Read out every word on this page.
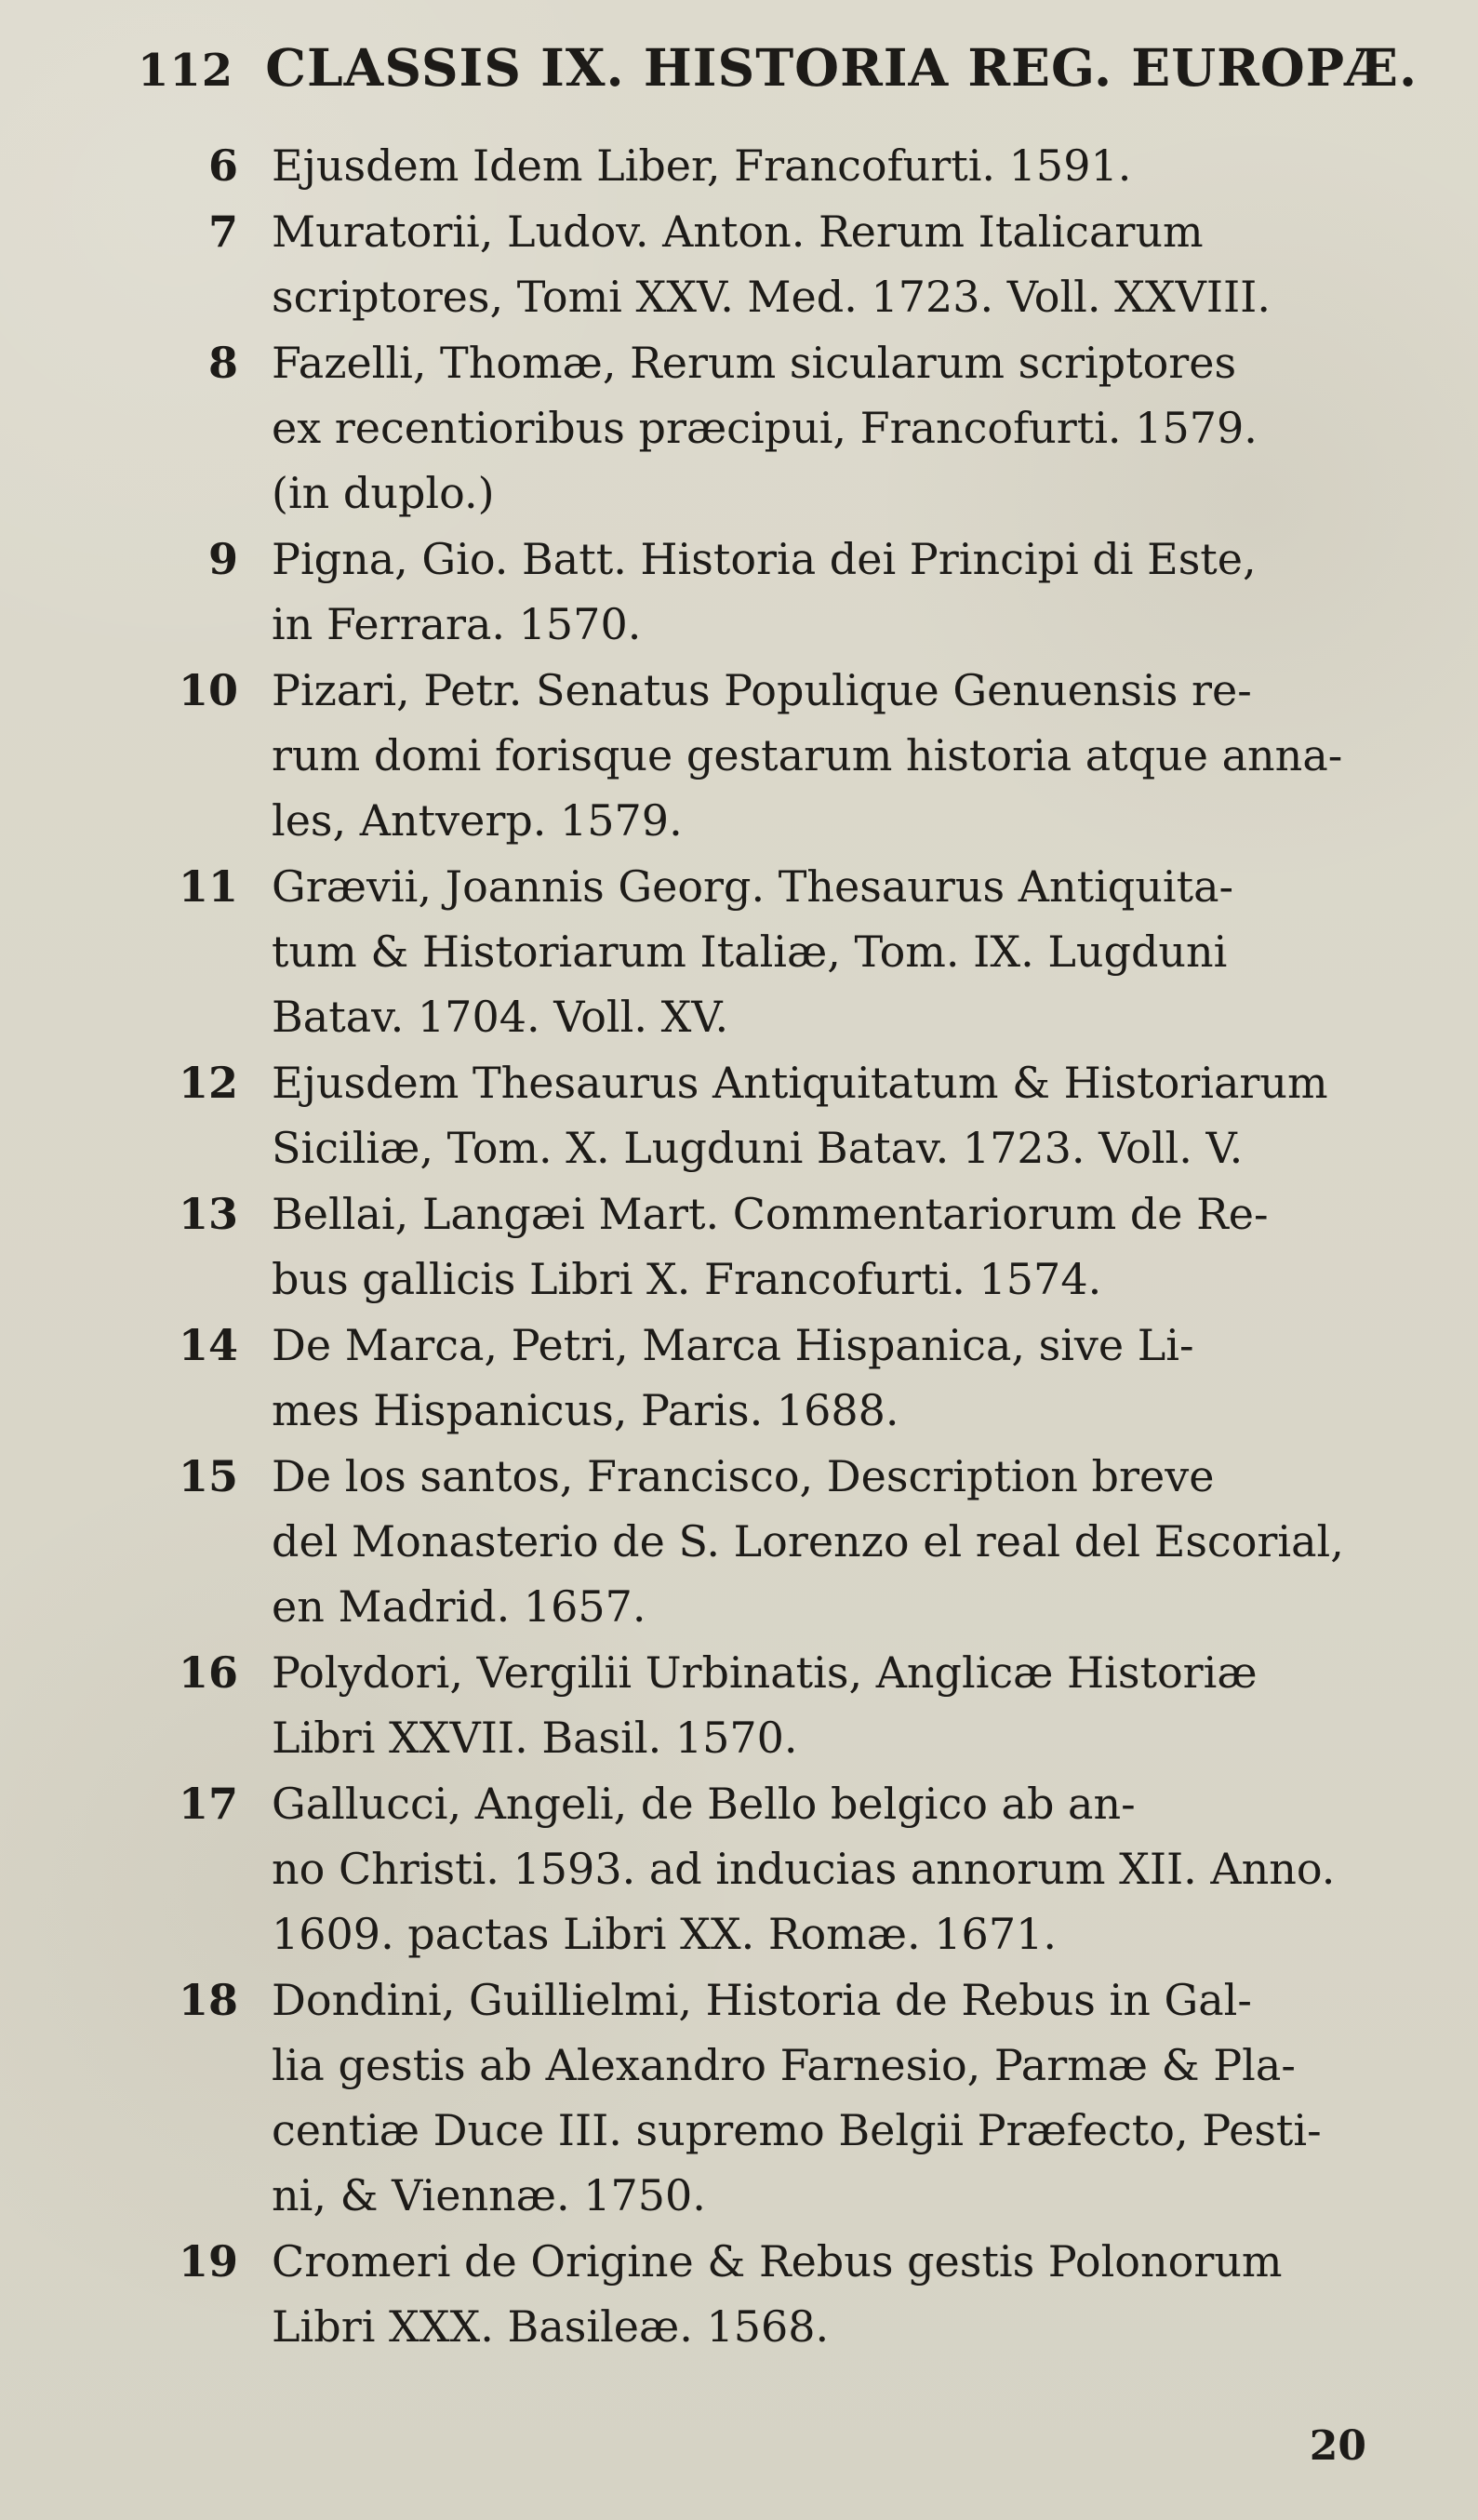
112 CLASSIS IX. HISTORIA REG. EUROPÆ.
6 Ejusdem Idem Liber, Francofurti. 1591.
7 Muratorii, Ludov. Anton. Rerum Italicarum
scriptores, Tomi XXV. Med. 1723. Voll. XXVIII.
8 Fazelli, Thomæ, Rerum sicularum scriptores
ex recentioribus præcipui, Francofurti. 1579.
(in duplo.)
9 Pigna, Gio. Batt. Historia dei Principi di Este,
in Ferrara. 1570.
10 Pizari, Petr. Senatus Populique Genuensis re-
rum domi forisque gestarum historia atque anna-
les, Antverp. 1579.
11 Grævii, Joannis Georg. Thesaurus Antiquita-
tum & Historiarum Italiæ, Tom. IX. Lugduni
Batav. 1704. Voll. XV.
12 Ejusdem Thesaurus Antiquitatum & Historiarum
Siciliæ, Tom. X. Lugduni Batav. 1723. Voll. V.
13 Bellai, Langæi Mart. Commentariorum de Re-
bus gallicis Libri X. Francofurti. 1574.
14 De Marca, Petri, Marca Hispanica, sive Li-
mes Hispanicus, Paris. 1688.
15 De los santos, Francisco, Description breve
del Monasterio de S. Lorenzo el real del Escorial,
en Madrid. 1657.
16 Polydori, Vergilii Urbinatis, Anglicæ Historiæ
Libri XXVII. Basil. 1570.
17 Gallucci, Angeli, de Bello belgico ab an-
no Christi. 1593. ad inducias annorum XII. Anno.
1609. pactas Libri XX. Romæ. 1671.
18 Dondini, Guillielmi, Historia de Rebus in Gal-
lia gestis ab Alexandro Farnesio, Parmæ & Pla-
centiæ Duce III. supremo Belgii Præfecto, Pesti-
ni, & Viennæ. 1750.
19 Cromeri de Origine & Rebus gestis Polonorum
Libri XXX. Basileæ. 1568.
20
